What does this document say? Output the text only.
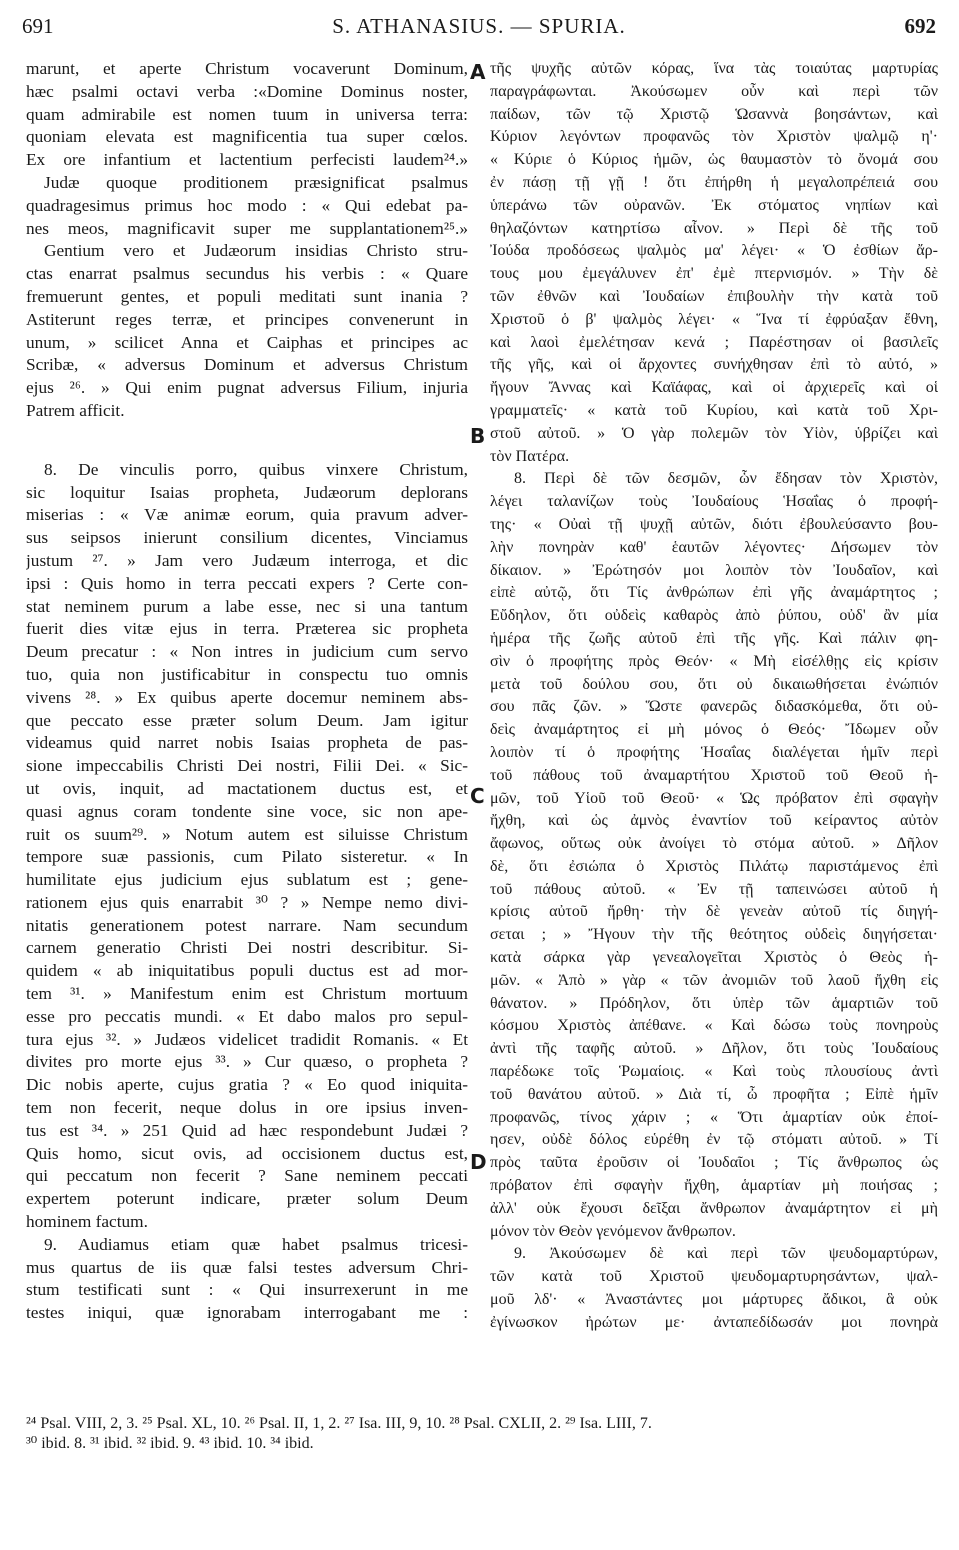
691	S. ATHANASIUS. — SPURIA.	692
marunt, et aperte Christum vocaverunt Dominum,
hæc psalmi octavi verba :«Domine Dominus noster,
quam admirabile est nomen tuum in universa terra:
quoniam elevata est magnificentia tua super cœlos.
Ex ore infantium et lactentium perfecisti laudem²⁴.»
Judæ quoque proditionem præsignificat psalmus
quadragesimus primus hoc modo : « Qui edebat pa-
nes meos, magnificavit super me supplantationem²⁵.»
Gentium vero et Judæorum insidias Christo stru-
ctas enarrat psalmus secundus his verbis : « Quare
fremuerunt gentes, et populi meditati sunt inania ?
Astiterunt reges terræ, et principes convenerunt in
unum, » scilicet Anna et Caiphas et principes ac
Scribæ, « adversus Dominum et adversus Christum
ejus ²⁶. » Qui enim pugnat adversus Filium, injuria
Patrem afficit.
8. De vinculis porro, quibus vinxere Christum,
sic loquitur Isaias propheta, Judæorum deplorans
miserias : « Væ animæ eorum, quia pravum adver-
sus seipsos inierunt consilium dicentes, Vinciamus
justum ²⁷. » Jam vero Judæum interroga, et dic
ipsi : Quis homo in terra peccati expers ? Certe con-
stat neminem purum a labe esse, nec si una tantum
fuerit dies vitæ ejus in terra. Præterea sic propheta
Deum precatur : « Non intres in judicium cum servo
tuo, quia non justificabitur in conspectu tuo omnis
vivens ²⁸. » Ex quibus aperte docemur neminem abs-
que peccato esse præter solum Deum. Jam igitur
videamus quid narret nobis Isaias propheta de pas-
sione impeccabilis Christi Dei nostri, Filii Dei. « Sic-
ut ovis, inquit, ad mactationem ductus est, et
quasi agnus coram tondente sine voce, sic non ape-
ruit os suum²⁹. » Notum autem est siluisse Christum
tempore suæ passionis, cum Pilato sisteretur. « In
humilitate ejus judicium ejus sublatum est ; gene-
rationem ejus quis enarrabit ³⁰ ? » Nempe nemo divi-
nitatis generationem potest narrare. Nam secundum
carnem generatio Christi Dei nostri describitur. Si-
quidem « ab iniquitatibus populi ductus est ad mor-
tem ³¹. » Manifestum enim est Christum mortuum
esse pro peccatis mundi. « Et dabo malos pro sepul-
tura ejus ³². » Judæos videlicet tradidit Romanis. « Et
divites pro morte ejus ³³. » Cur quæso, o propheta ?
Dic nobis aperte, cujus gratia ? « Eo quod iniquita-
tem non fecerit, neque dolus in ore ipsius inven-
tus est ³⁴. » 251 Quid ad hæc respondebunt Judæi ?
Quis homo, sicut ovis, ad occisionem ductus est,
qui peccatum non fecerit ? Sane neminem peccati
expertem poterunt indicare, præter solum Deum
hominem factum.
9. Audiamus etiam quæ habet psalmus tricesi-
mus quartus de iis quæ falsi testes adversum Chri-
stum testificati sunt : « Qui insurrexerunt in me
testes iniqui, quæ ignorabam interrogabant me :
τῆς ψυχῆς αὐτῶν κόρας, ἵνα τὰς τοιαύτας μαρτυρίας
παραγράφωνται. Ἀκούσωμεν οὖν καὶ περὶ τῶν
παίδων, τῶν τῷ Χριστῷ Ὡσαννὰ βοησάντων, καὶ
Κύριον λεγόντων προφανῶς τὸν Χριστὸν ψαλμῷ η'·
« Κύριε ὁ Κύριος ἡμῶν, ὡς θαυμαστὸν τὸ ὄνομά σου
ἐν πάσῃ τῇ γῇ ! ὅτι ἐπήρθη ἡ μεγαλοπρέπειά σου
ὑπεράνω τῶν οὐρανῶν. Ἐκ στόματος νηπίων καὶ
θηλαζόντων κατηρτίσω αἶνον. » Περὶ δὲ τῆς τοῦ
Ἰούδα προδόσεως ψαλμὸς μα' λέγει· « Ὁ ἐσθίων ἄρ-
τους μου ἐμεγάλυνεν ἐπ' ἐμὲ πτερνισμόν. » Τὴν δὲ
τῶν ἐθνῶν καὶ Ἰουδαίων ἐπιβουλὴν τὴν κατὰ τοῦ
Χριστοῦ ὁ β' ψαλμὸς λέγει· « Ἵνα τί ἐφρύαξαν ἔθνη,
καὶ λαοὶ ἐμελέτησαν κενά ; Παρέστησαν οἱ βασιλεῖς
τῆς γῆς, καὶ οἱ ἄρχοντες συνήχθησαν ἐπὶ τὸ αὐτό, »
ἤγουν Ἄννας καὶ Καϊάφας, καὶ οἱ ἀρχιερεῖς καὶ οἱ
γραμματεῖς· « κατὰ τοῦ Κυρίου, καὶ κατὰ τοῦ Χρι-
στοῦ αὐτοῦ. » Ὁ γὰρ πολεμῶν τὸν Υἱὸν, ὑβρίζει καὶ
τὸν Πατέρα.
8. Περὶ δὲ τῶν δεσμῶν, ὧν ἔδησαν τὸν Χριστὸν,
λέγει ταλανίζων τοὺς Ἰουδαίους Ἡσαΐας ὁ προφή-
της· « Οὐαὶ τῇ ψυχῇ αὐτῶν, διότι ἐβουλεύσαντο βου-
λὴν πονηρὰν καθ' ἑαυτῶν λέγοντες· Δήσωμεν τὸν
δίκαιον. » Ἐρώτησόν μοι λοιπὸν τὸν Ἰουδαῖον, καὶ
εἰπὲ αὐτῷ, ὅτι Τίς ἀνθρώπων ἐπὶ γῆς ἀναμάρτητος ;
Εὔδηλον, ὅτι οὐδεὶς καθαρὸς ἀπὸ ῥύπου, οὐδ' ἂν μία
ἡμέρα τῆς ζωῆς αὐτοῦ ἐπὶ τῆς γῆς. Καὶ πάλιν φη-
σὶν ὁ προφήτης πρὸς Θεόν· « Μὴ εἰσέλθῃς εἰς κρίσιν
μετὰ τοῦ δούλου σου, ὅτι οὐ δικαιωθήσεται ἐνώπιόν
σου πᾶς ζῶν. » Ὥστε φανερῶς διδασκόμεθα, ὅτι οὐ-
δεὶς ἀναμάρτητος εἰ μὴ μόνος ὁ Θεός· Ἴδωμεν οὖν
λοιπὸν τί ὁ προφήτης Ἡσαΐας διαλέγεται ἡμῖν περὶ
τοῦ πάθους τοῦ ἀναμαρτήτου Χριστοῦ τοῦ Θεοῦ ἡ-
μῶν, τοῦ Υἱοῦ τοῦ Θεοῦ· « Ὡς πρόβατον ἐπὶ σφαγὴν
ἤχθη, καὶ ὡς ἀμνὸς ἐναντίον τοῦ κείραντος αὐτὸν
ἄφωνος, οὕτως οὐκ ἀνοίγει τὸ στόμα αὐτοῦ. » Δῆλον
δὲ, ὅτι ἐσιώπα ὁ Χριστὸς Πιλάτῳ παριστάμενος ἐπὶ
τοῦ πάθους αὐτοῦ. « Ἐν τῇ ταπεινώσει αὐτοῦ ἡ
κρίσις αὐτοῦ ἤρθη· τὴν δὲ γενεὰν αὐτοῦ τίς διηγή-
σεται ; » Ἤγουν τὴν τῆς θεότητος οὐδεὶς διηγήσεται·
κατὰ σάρκα γὰρ γενεαλογεῖται Χριστὸς ὁ Θεὸς ἡ-
μῶν. « Ἀπὸ » γὰρ « τῶν ἀνομιῶν τοῦ λαοῦ ἤχθη εἰς
θάνατον. » Πρόδηλον, ὅτι ὑπὲρ τῶν ἁμαρτιῶν τοῦ
κόσμου Χριστὸς ἀπέθανε. « Καὶ δώσω τοὺς πονηροὺς
ἀντὶ τῆς ταφῆς αὐτοῦ. » Δῆλον, ὅτι τοὺς Ἰουδαίους
παρέδωκε τοῖς Ῥωμαίοις. « Καὶ τοὺς πλουσίους ἀντὶ
τοῦ θανάτου αὐτοῦ. » Διὰ τί, ὦ προφῆτα ; Εἰπὲ ἡμῖν
προφανῶς, τίνος χάριν ; « Ὅτι ἁμαρτίαν οὐκ ἐποί-
ησεν, οὐδὲ δόλος εὑρέθη ἐν τῷ στόματι αὐτοῦ. » Τί
πρὸς ταῦτα ἐροῦσιν οἱ Ἰουδαῖοι ; Τίς ἄνθρωπος ὡς
πρόβατον ἐπὶ σφαγὴν ἤχθη, ἁμαρτίαν μὴ ποιήσας ;
ἀλλ' οὐκ ἔχουσι δεῖξαι ἄνθρωπον ἀναμάρτητον εἰ μὴ
μόνον τὸν Θεὸν γενόμενον ἄνθρωπον.
9. Ἀκούσωμεν δὲ καὶ περὶ τῶν ψευδομαρτύρων,
τῶν κατὰ τοῦ Χριστοῦ ψευδομαρτυρησάντων, ψαλ-
μοῦ λδ'· « Ἀναστάντες μοι μάρτυρες ἄδικοι, ἃ οὐκ
ἐγίνωσκον ἠρώτων με· ἀνταπεδίδωσάν μοι πονηρὰ
A
B
C
D
²⁴ Psal. VIII, 2, 3. ²⁵ Psal. XL, 10. ²⁶ Psal. II, 1, 2. ²⁷ Isa. III, 9, 10. ²⁸ Psal. CXLII, 2. ²⁹ Isa. LIII, 7.
³⁰ ibid. 8. ³¹ ibid. ³² ibid. 9. ⁴³ ibid. 10. ³⁴ ibid.
